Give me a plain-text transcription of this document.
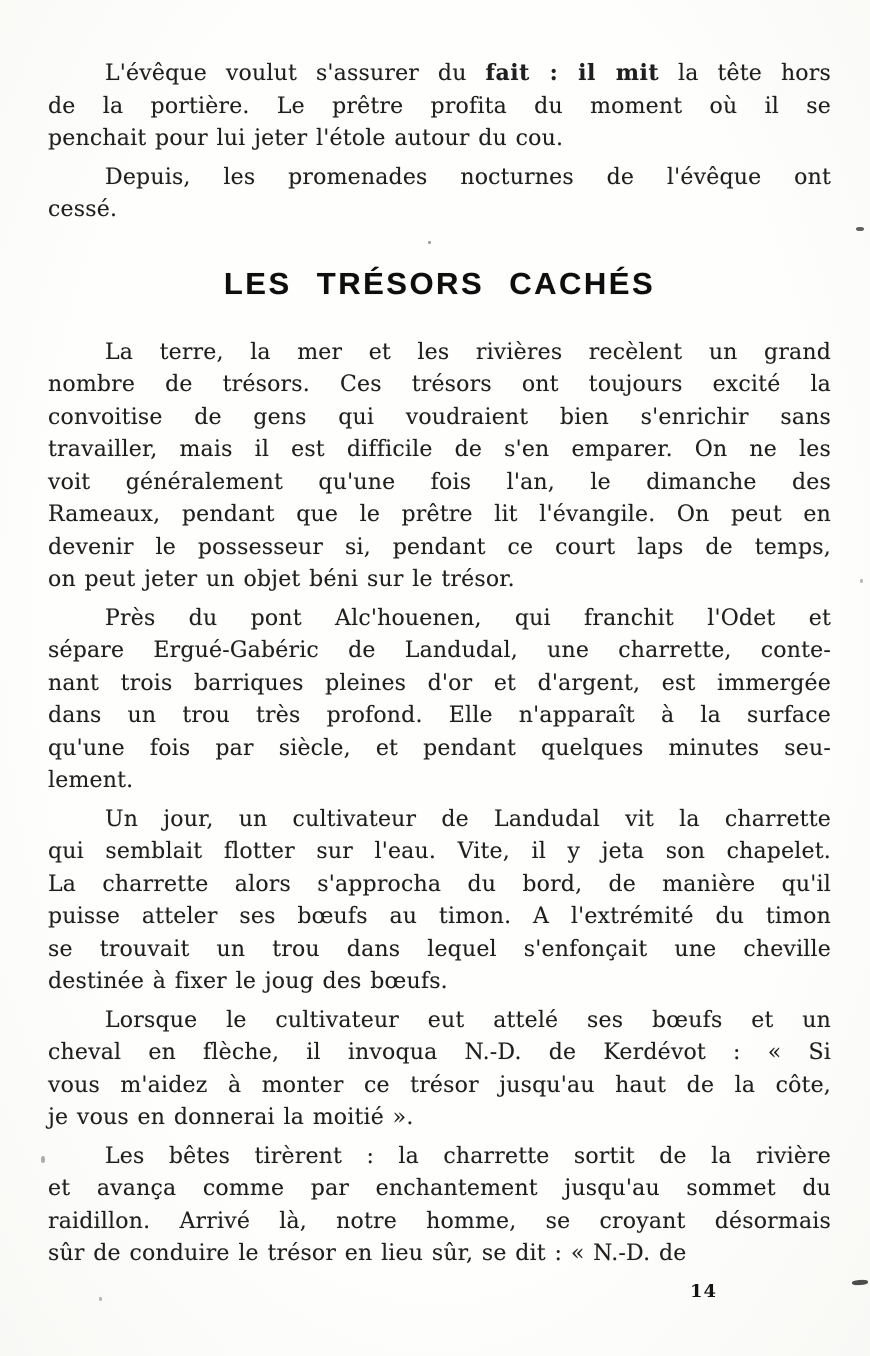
L'évêque voulut s'assurer du fait : il mit la tête hors
de la portière. Le prêtre profita du moment où il se
penchait pour lui jeter l'étole autour du cou.
Depuis, les promenades nocturnes de l'évêque ont
cessé.
LES TRÉSORS CACHÉS
La terre, la mer et les rivières recèlent un grand
nombre de trésors. Ces trésors ont toujours excité la
convoitise de gens qui voudraient bien s'enrichir sans
travailler, mais il est difficile de s'en emparer. On ne les
voit généralement qu'une fois l'an, le dimanche des
Rameaux, pendant que le prêtre lit l'évangile. On peut en
devenir le possesseur si, pendant ce court laps de temps,
on peut jeter un objet béni sur le trésor.
Près du pont Alc'houenen, qui franchit l'Odet et
sépare Ergué-Gabéric de Landudal, une charrette, conte-
nant trois barriques pleines d'or et d'argent, est immergée
dans un trou très profond. Elle n'apparaît à la surface
qu'une fois par siècle, et pendant quelques minutes seu-
lement.
Un jour, un cultivateur de Landudal vit la charrette
qui semblait flotter sur l'eau. Vite, il y jeta son chapelet.
La charrette alors s'approcha du bord, de manière qu'il
puisse atteler ses bœufs au timon. A l'extrémité du timon
se trouvait un trou dans lequel s'enfonçait une cheville
destinée à fixer le joug des bœufs.
Lorsque le cultivateur eut attelé ses bœufs et un
cheval en flèche, il invoqua N.-D. de Kerdévot : « Si
vous m'aidez à monter ce trésor jusqu'au haut de la côte,
je vous en donnerai la moitié ».
Les bêtes tirèrent : la charrette sortit de la rivière
et avança comme par enchantement jusqu'au sommet du
raidillon. Arrivé là, notre homme, se croyant désormais
sûr de conduire le trésor en lieu sûr, se dit : « N.-D. de
14
